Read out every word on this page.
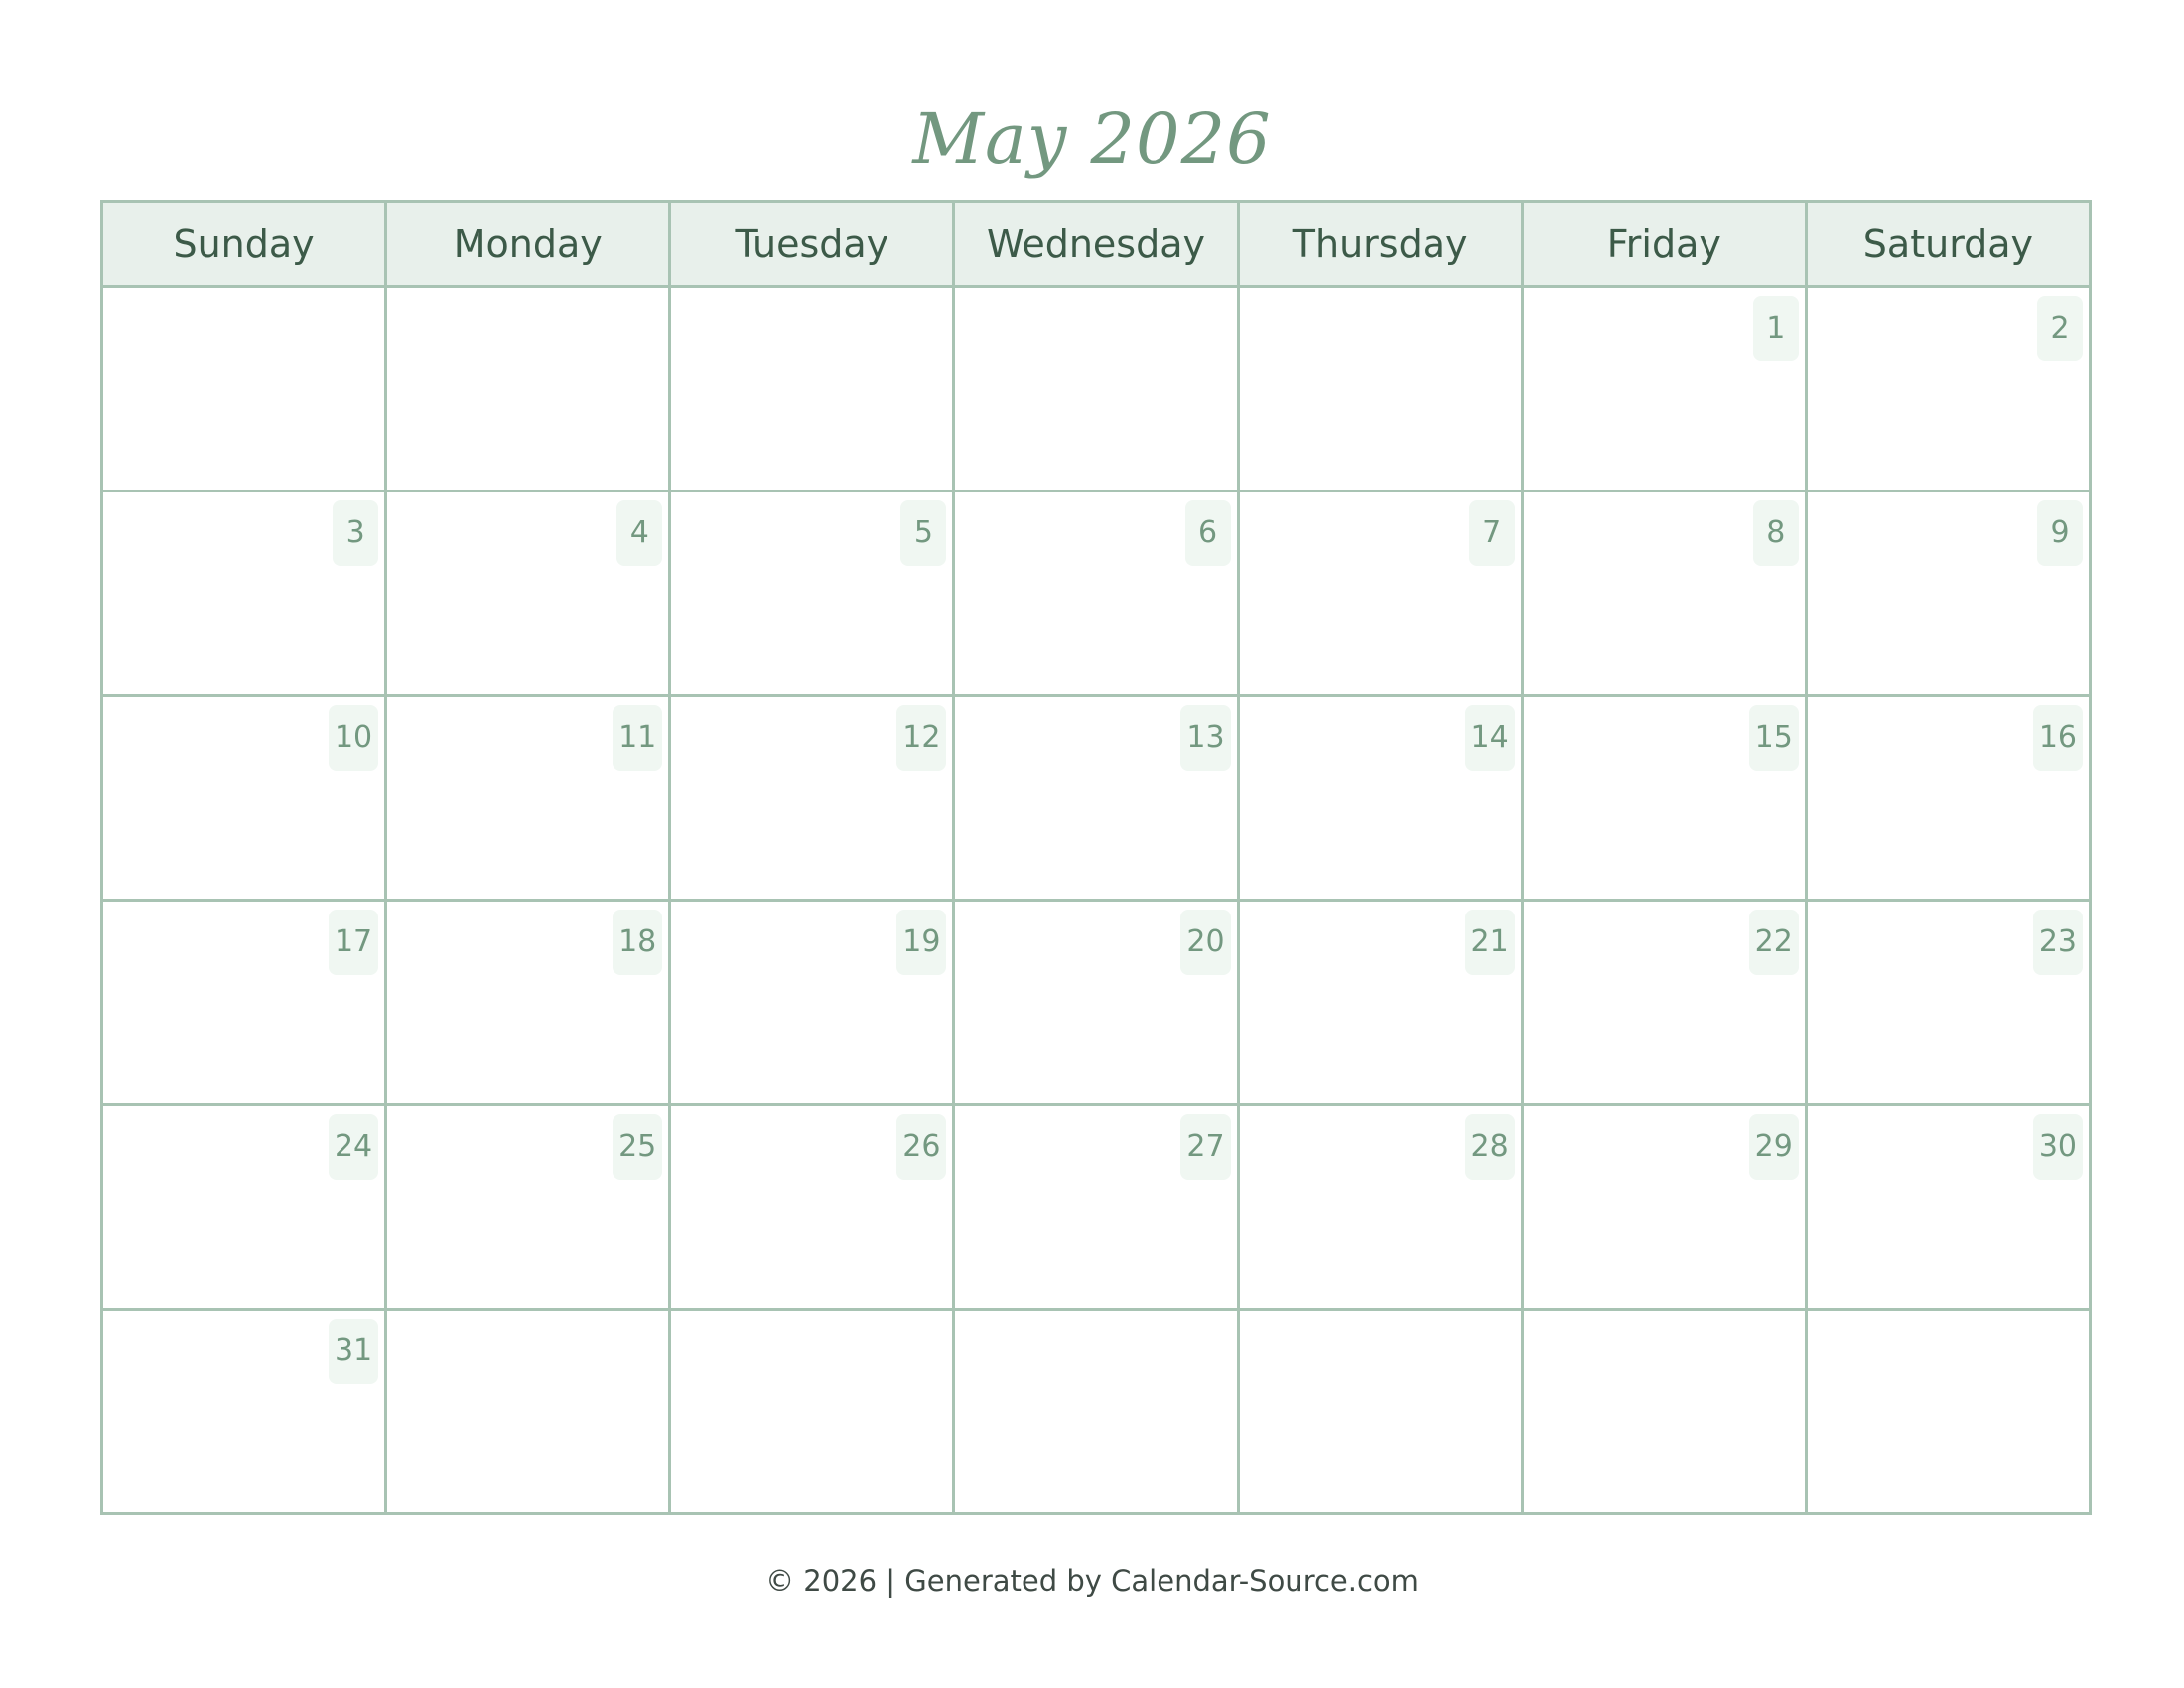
May 2026
Sunday	Monday	Tuesday	Wednesday	Thursday	Friday	Saturday
					1	2
3	4	5	6	7	8	9
10	11	12	13	14	15	16
17	18	19	20	21	22	23
24	25	26	27	28	29	30
31						
© 2026 | Generated by Calendar-Source.com
